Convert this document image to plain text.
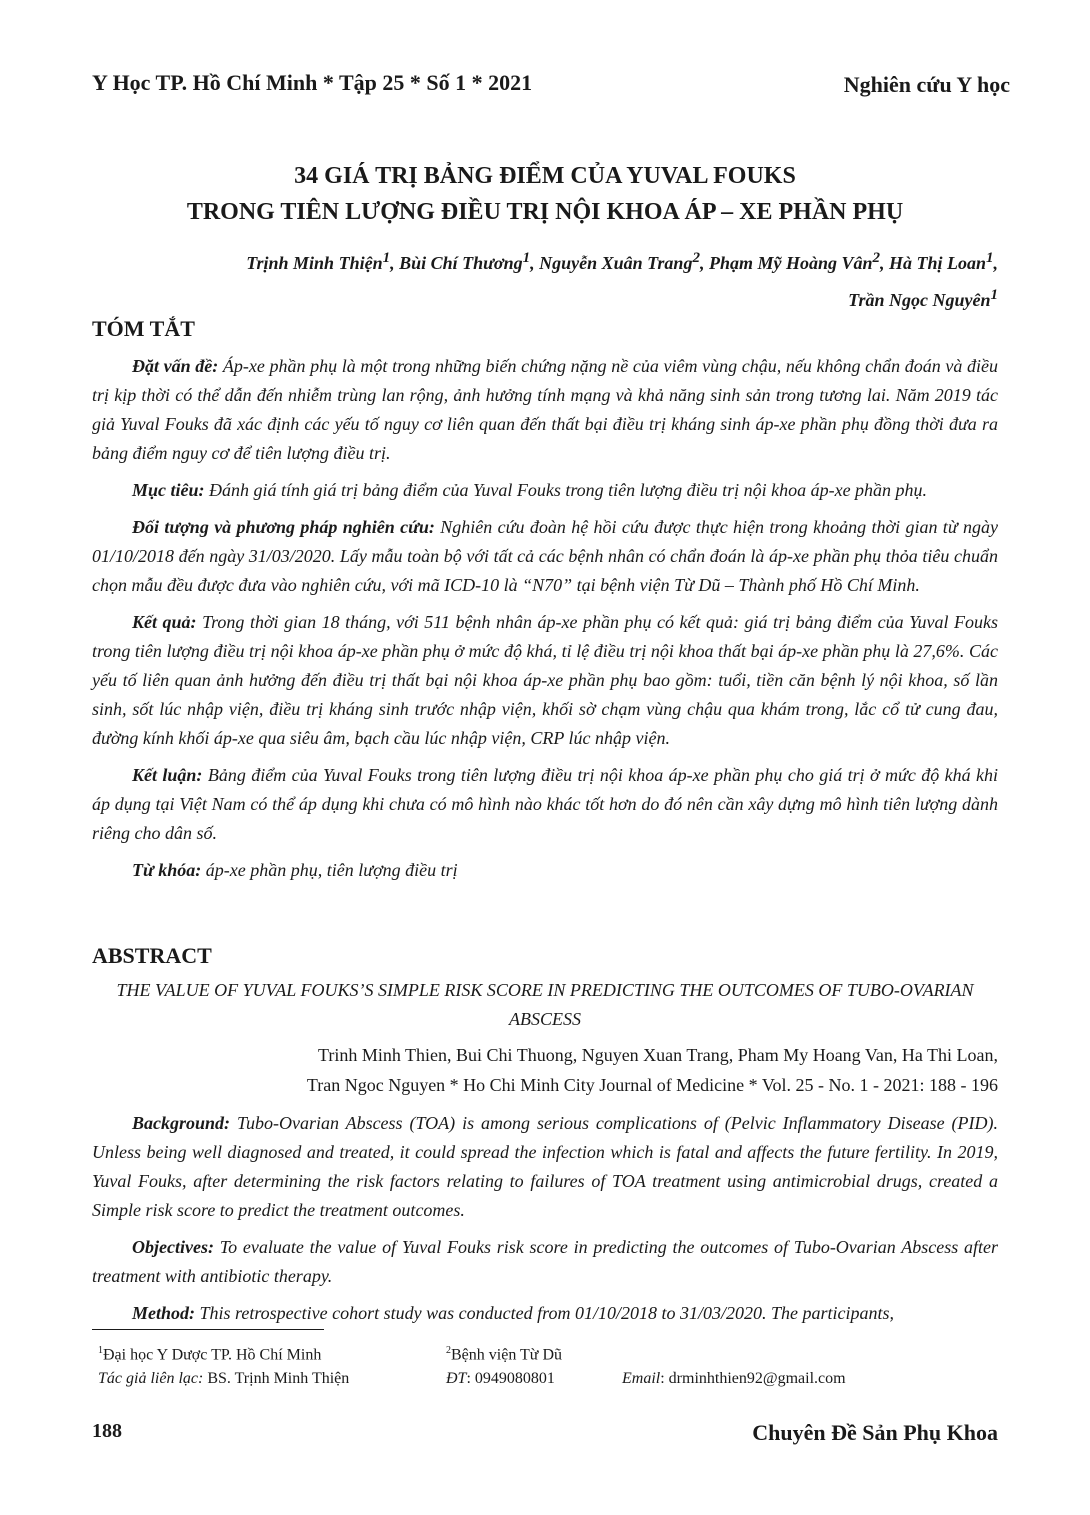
Y Học TP. Hồ Chí Minh * Tập 25 * Số 1 * 2021	Nghiên cứu Y học
34 GIÁ TRỊ BẢNG ĐIỂM CỦA YUVAL FOUKS
TRONG TIÊN LƯỢNG ĐIỀU TRỊ NỘI KHOA ÁP – XE PHẦN PHỤ
Trịnh Minh Thiện$^1$, Bùi Chí Thương$^1$, Nguyễn Xuân Trang$^2$, Phạm Mỹ Hoàng Vân$^2$, Hà Thị Loan$^1$,
Trần Ngọc Nguyên$^1$
TÓM TẮT

Đặt vấn đề: Áp-xe phần phụ là một trong những biến chứng nặng nề của viêm vùng chậu, nếu không chẩn đoán và điều trị kịp thời có thể dẫn đến nhiễm trùng lan rộng, ảnh hưởng tính mạng và khả năng sinh sản trong tương lai. Năm 2019 tác giả Yuval Fouks đã xác định các yếu tố nguy cơ liên quan đến thất bại điều trị kháng sinh áp-xe phần phụ đồng thời đưa ra bảng điểm nguy cơ để tiên lượng điều trị.

Mục tiêu: Đánh giá tính giá trị bảng điểm của Yuval Fouks trong tiên lượng điều trị nội khoa áp-xe phần phụ.

Đối tượng và phương pháp nghiên cứu: Nghiên cứu đoàn hệ hồi cứu được thực hiện trong khoảng thời gian từ ngày 01/10/2018 đến ngày 31/03/2020. Lấy mẫu toàn bộ với tất cả các bệnh nhân có chẩn đoán là áp-xe phần phụ thỏa tiêu chuẩn chọn mẫu đều được đưa vào nghiên cứu, với mã ICD-10 là “N70” tại bệnh viện Từ Dũ – Thành phố Hồ Chí Minh.

Kết quả: Trong thời gian 18 tháng, với 511 bệnh nhân áp-xe phần phụ có kết quả: giá trị bảng điểm của Yuval Fouks trong tiên lượng điều trị nội khoa áp-xe phần phụ ở mức độ khá, tỉ lệ điều trị nội khoa thất bại áp-xe phần phụ là 27,6%. Các yếu tố liên quan ảnh hưởng đến điều trị thất bại nội khoa áp-xe phần phụ bao gồm: tuổi, tiền căn bệnh lý nội khoa, số lần sinh, sốt lúc nhập viện, điều trị kháng sinh trước nhập viện, khối sờ chạm vùng chậu qua khám trong, lắc cổ tử cung đau, đường kính khối áp-xe qua siêu âm, bạch cầu lúc nhập viện, CRP lúc nhập viện.

Kết luận: Bảng điểm của Yuval Fouks trong tiên lượng điều trị nội khoa áp-xe phần phụ cho giá trị ở mức độ khá khi áp dụng tại Việt Nam có thể áp dụng khi chưa có mô hình nào khác tốt hơn do đó nên cần xây dựng mô hình tiên lượng dành riêng cho dân số.

Từ khóa: áp-xe phần phụ, tiên lượng điều trị

ABSTRACT
THE VALUE OF YUVAL FOUKS’S SIMPLE RISK SCORE IN PREDICTING THE OUTCOMES OF TUBO-OVARIAN ABSCESS
Trinh Minh Thien, Bui Chi Thuong, Nguyen Xuan Trang, Pham My Hoang Van, Ha Thi Loan,
Tran Ngoc Nguyen * Ho Chi Minh City Journal of Medicine * Vol. 25 - No. 1 - 2021: 188 - 196

Background: Tubo-Ovarian Abscess (TOA) is among serious complications of (Pelvic Inflammatory Disease (PID). Unless being well diagnosed and treated, it could spread the infection which is fatal and affects the future fertility. In 2019, Yuval Fouks, after determining the risk factors relating to failures of TOA treatment using antimicrobial drugs, created a Simple risk score to predict the treatment outcomes.

Objectives: To evaluate the value of Yuval Fouks risk score in predicting the outcomes of Tubo-Ovarian Abscess after treatment with antibiotic therapy.

Method: This retrospective cohort study was conducted from 01/10/2018 to 31/03/2020. The participants,

$^1$Đại học Y Dược TP. Hồ Chí Minh	$^2$Bệnh viện Từ Dũ
Tác giả liên lạc: BS. Trịnh Minh Thiện	ĐT: 0949080801	Email: drminhthien92@gmail.com
188	Chuyên Đề Sản Phụ Khoa
